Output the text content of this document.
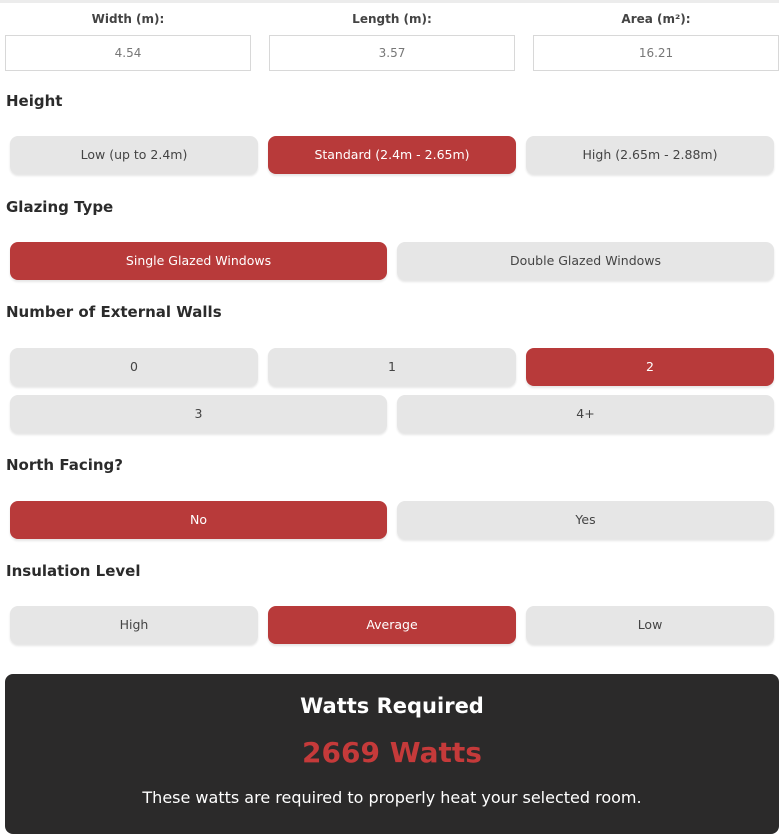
Width (m):
4.54
Length (m):
3.57
Area (m²):
16.21
Height
Low (up to 2.4m)	Standard (2.4m - 2.65m)	High (2.65m - 2.88m)
Glazing Type
Single Glazed Windows	Double Glazed Windows
Number of External Walls
0	1	2
3	4+
North Facing?
No	Yes
Insulation Level
High	Average	Low
Watts Required
2669 Watts
These watts are required to properly heat your selected room.
